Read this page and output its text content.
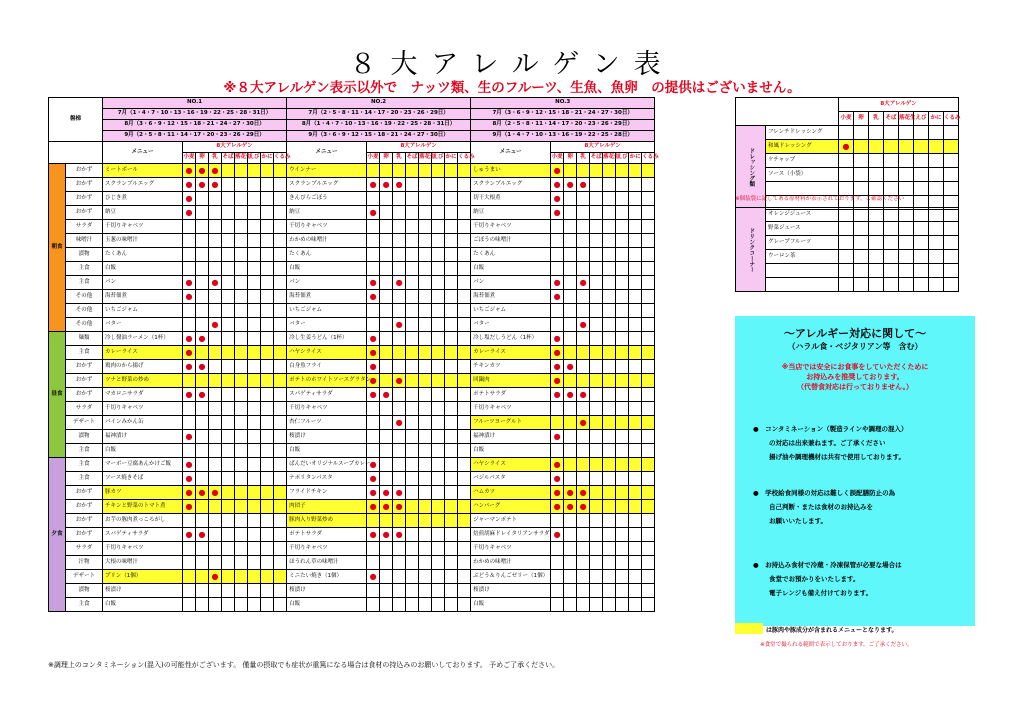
８大アレルゲン表
※８大アレルゲン表示以外で　ナッツ類、生のフルーツ、生魚、魚卵　の提供はございません。
磐梯		NO.1									NO.2									NO.3								
		7月（1・4・7・10・13・16・19・22・25・28・31日）									7月（2・5・8・11・14・17・20・23・26・29日）									7月（3・6・9・12・15・18・21・24・27・30日）								
		8月（3・6・9・12・15・18・21・24・27・30日）									8月（1・4・7・10・13・16・19・22・25・28・31日）									8月（2・5・8・11・14・17・20・23・26・29日）								
		9月（2・5・8・11・14・17・20・23・26・29日）									9月（3・6・9・12・15・18・21・24・27・30日）									9月（1・4・7・10・13・16・19・22・25・28日）								
		メニュー	8大アレルゲン								メニュー	8大アレルゲン								メニュー	8大アレルゲン							
			小麦	卵	乳	そば	落花生	えび	かに	くるみ		小麦	卵	乳	そば	落花生	えび	かに	くるみ		小麦	卵	乳	そば	落花生	えび	かに	くるみ
朝食	おかず	ミートボール	●	●	●						ウインナー									しゅうまい	●							
	おかず	スクランブルエッグ	●	●	●						スクランブルエッグ	●	●	●						スクランブルエッグ	●	●	●					
	おかず	ひじき煮	●								きんぴらごぼう									切干大根煮	●							
	おかず	納豆	●								納豆	●								納豆	●							
	サラダ	千切りキャベツ									千切りキャベツ									千切りキャベツ								
	味噌汁	玉葱の味噌汁									わかめの味噌汁									ごぼうの味噌汁								
	漬物	たくあん									たくあん									たくあん								
	主食	白飯									白飯									白飯								
	主食	パン	●		●						パン	●		●						パン	●		●					
	その他	海苔佃煮	●								海苔佃煮	●								海苔佃煮	●							
	その他	いちごジャム									いちごジャム									いちごジャム								
	その他	バター			●						バター			●						バター			●					
昼食	麺類	冷し醤油ラーメン（1杯）	●	●							冷し生姜うどん（1杯）	●								冷し塩だしうどん（1杯）	●							
	主食	カレーライス	●								ハヤシライス	●								カレーライス	●							
	おかず	鶏肉のから揚げ	●	●							白身魚フライ	●								チキンカツ	●	●						
	おかず	ツナと野菜の炒め									ポテトのホワイトソースグラタン	●		●						回鍋肉	●							
	おかず	マカロニサラダ	●	●							スパゲティサラダ	●	●							ポテトサラダ	●	●	●					
	サラダ	千切りキャベツ									千切りキャベツ									千切りキャベツ								
	デザート	パインみかん缶									杏仁フルーツ			●						フルーツヨーグルト			●					
	漬物	福神漬け	●								桜漬け									福神漬け	●							
	主食	白飯									白飯									白飯								
夕食	主食	マーボー豆腐あんかけご飯	●								ぱんだいオリジナルスープカレー	●								ハヤシライス	●							
	主食	ソース焼きそば	●								ナポリタンパスタ	●								バジルパスタ	●							
	おかず	豚カツ	●	●	●						フライドチキン	●	●	●						ハムカツ	●	●	●					
	おかず	チキンと野菜のトマト煮	●								肉団子	●	●	●						ハンバーグ	●	●	●					
	おかず	お芋の豚肉煮っころがし									豚肉入り野菜炒め									ジャーマンポテト								
	おかず	スパゲティサラダ	●	●							ポテトサラダ	●	●	●						焙煎胡麻ドレイタリアンサラダ	●							
	サラダ	千切りキャベツ									千切りキャベツ									千切りキャベツ								
	汁物	大根の味噌汁									ほうれん草の味噌汁									わかめの味噌汁								
	デザート	プリン（1個）			●						ミニたい焼き（1個）	●								ぶどう＆りんごゼリー（1個）								
	漬物	桜漬け									桜漬け									桜漬け								
	主食	白飯									白飯									白飯								
		8大アレルゲン							
		小麦	卵	乳	そば	落花生	えび	かに	くるみ
ドレッシング類	フレンチドレッシング								
	和風ドレッシング	●							
	ケチャップ								
	ソース（小袋）								

※個装袋に記してある原材料が表示されております。ご確認ください
ドリンクコーナー	オレンジジュース								
	野菜ジュース								
	グレープフルーツ								
	ウーロン茶								

～アレルギー対応に関して～
（ハラル食・ベジタリアン等　含む）
※当店では安全にお食事をしていただくために
お持込みを推奨しております。
（代替食対応は行っておりません。）
●　コンタミネーション（製造ラインや調理の混入）
の対応は出来兼ねます。ご了承ください
揚げ油や調理機材は共有で使用しております。
●　学校給食同様の対応は難しく誤配膳防止の為
自己判断・または食材のお持込みを
お願いいたします。
●　お持込み食材で冷蔵・冷凍保管が必要な場合は
食堂でお預かりをいたします。
電子レンジも備え付けております。
は豚肉や豚成分が含まれるメニューとなります。
※食堂で撮られる範囲で表示しております。ご了承ください。
※調理上のコンタミネーション(混入)の可能性がございます。 僅量の摂取でも症状が重篤になる場合は食材の持込みのお願いしております。 予めご了承ください。
